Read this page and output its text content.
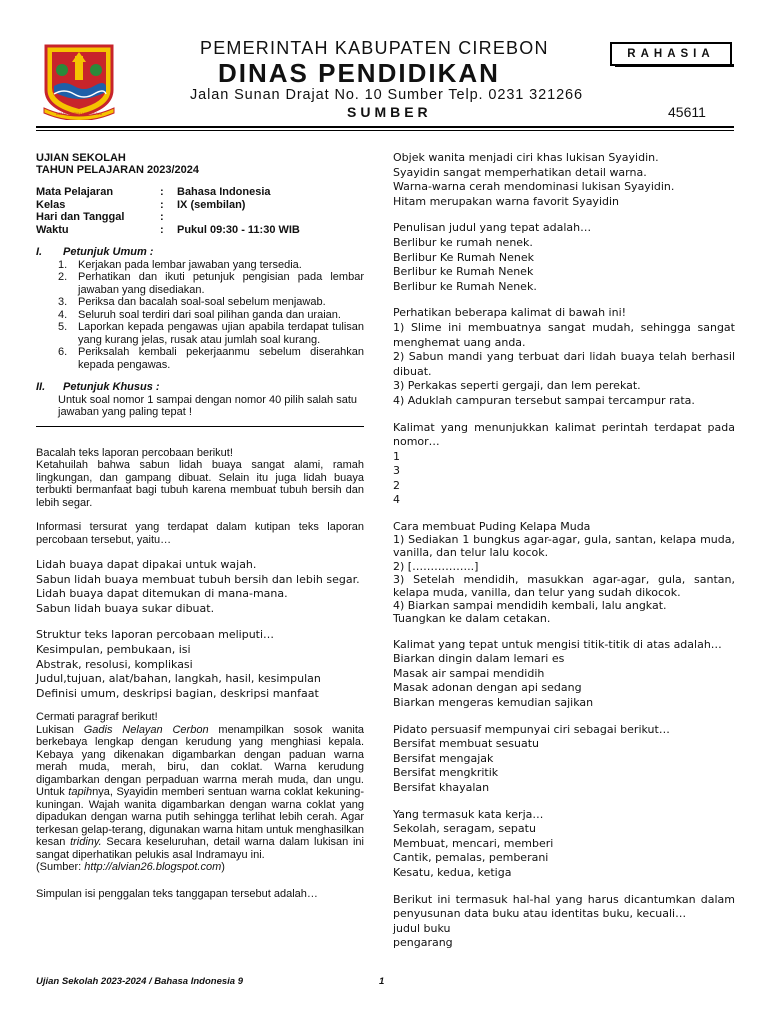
GEMAH RIPAH LOH JINAWI
PEMERINTAH KABUPATEN CIREBON
DINAS PENDIDIKAN
Jalan Sunan Drajat No. 10 Sumber Telp. 0231 321266
SUMBER	45611
RAHASIA
UJIAN SEKOLAH
TAHUN PELAJARAN 2023/2024
Mata Pelajaran	:	Bahasa Indonesia
Kelas	:	IX (sembilan)
Hari dan Tanggal	:
Waktu	:	Pukul 09:30 - 11:30 WIB
I.	Petunjuk Umum :
1. Kerjakan pada lembar jawaban yang tersedia.
2. Perhatikan dan ikuti petunjuk pengisian pada lembar jawaban yang disediakan.
3. Periksa dan bacalah soal-soal sebelum menjawab.
4. Seluruh soal terdiri dari soal pilihan ganda dan uraian.
5. Laporkan kepada pengawas ujian apabila terdapat tulisan yang kurang jelas, rusak atau jumlah soal kurang.
6. Periksalah kembali pekerjaanmu sebelum diserahkan kepada pengawas.
II.	Petunjuk Khusus :
Untuk soal nomor 1 sampai dengan nomor 40 pilih salah satu jawaban yang paling tepat !

Bacalah teks laporan percobaan berikut!

Ketahuilah bahwa sabun lidah buaya sangat alami, ramah lingkungan, dan gampang dibuat. Selain itu juga lidah buaya terbukti bermanfaat bagi tubuh karena membuat tubuh bersih dan lebih segar.

Informasi tersurat yang terdapat dalam kutipan teks laporan percobaan tersebut, yaitu…

Lidah buaya dapat dipakai untuk wajah.
Sabun lidah buaya membuat tubuh bersih dan lebih segar.
Lidah buaya dapat ditemukan di mana-mana.
Sabun lidah buaya sukar dibuat.
Struktur teks laporan percobaan meliputi…
Kesimpulan, pembukaan, isi
Abstrak, resolusi, komplikasi
Judul,tujuan, alat/bahan, langkah, hasil, kesimpulan
Definisi umum, deskripsi bagian, deskripsi manfaat

Cermati paragraf berikut!

Lukisan Gadis Nelayan Cerbon menampilkan sosok wanita berkebaya lengkap dengan kerudung yang menghiasi kepala. Kebaya yang dikenakan digambarkan dengan paduan warna merah muda, merah, biru, dan coklat. Warna kerudung digambarkan dengan perpaduan warrna merah muda, dan ungu. Untuk tapihnya, Syayidin memberi sentuan warna coklat kekuning-kuningan. Wajah wanita digambarkan dengan warna coklat yang dipadukan dengan warna putih sehingga terlihat lebih cerah. Agar terkesan gelap-terang, digunakan warna hitam untuk menghasilkan kesan tridiny. Secara keseluruhan, detail warna dalam lukisan ini sangat diperhatikan pelukis asal Indramayu ini.

(Sumber: http://alvian26.blogspot.com)

Simpulan isi penggalan teks tanggapan tersebut adalah…

Objek wanita menjadi ciri khas lukisan Syayidin.
Syayidin sangat memperhatikan detail warna.
Warna-warna cerah mendominasi lukisan Syayidin.
Hitam merupakan warna favorit Syayidin
Penulisan judul yang tepat adalah…
Berlibur ke rumah nenek.
Berlibur Ke Rumah Nenek
Berlibur ke Rumah Nenek
Berlibur ke Rumah Nenek.
Perhatikan beberapa kalimat di bawah ini!
1) Slime ini membuatnya sangat mudah, sehingga sangat menghemat uang anda.
2) Sabun mandi yang terbuat dari lidah buaya telah berhasil dibuat.
3) Perkakas seperti gergaji, dan lem perekat.
4) Aduklah campuran tersebut sampai tercampur rata.
Kalimat yang menunjukkan kalimat perintah terdapat pada nomor…
1
3
2
4
Cara membuat Puding Kelapa Muda
1) Sediakan 1 bungkus agar-agar, gula, santan, kelapa muda, vanilla, dan telur lalu kocok.
2) [……………..]
3) Setelah mendidih, masukkan agar-agar, gula, santan, kelapa muda, vanilla, dan telur yang sudah dikocok.
4) Biarkan sampai mendidih kembali, lalu angkat.
Tuangkan ke dalam cetakan.
Kalimat yang tepat untuk mengisi titik-titik di atas adalah…
Biarkan dingin dalam lemari es
Masak air sampai mendidih
Masak adonan dengan api sedang
Biarkan mengeras kemudian sajikan
Pidato persuasif mempunyai ciri sebagai berikut…
Bersifat membuat sesuatu
Bersifat mengajak
Bersifat mengkritik
Bersifat khayalan
Yang termasuk kata kerja…
Sekolah, seragam, sepatu
Membuat, mencari, memberi
Cantik, pemalas, pemberani
Kesatu, kedua, ketiga
Berikut ini termasuk hal-hal yang harus dicantumkan dalam penyusunan data buku atau identitas buku, kecuali…
judul buku
pengarang
Ujian Sekolah 2023-2024 / Bahasa Indonesia 9	1
